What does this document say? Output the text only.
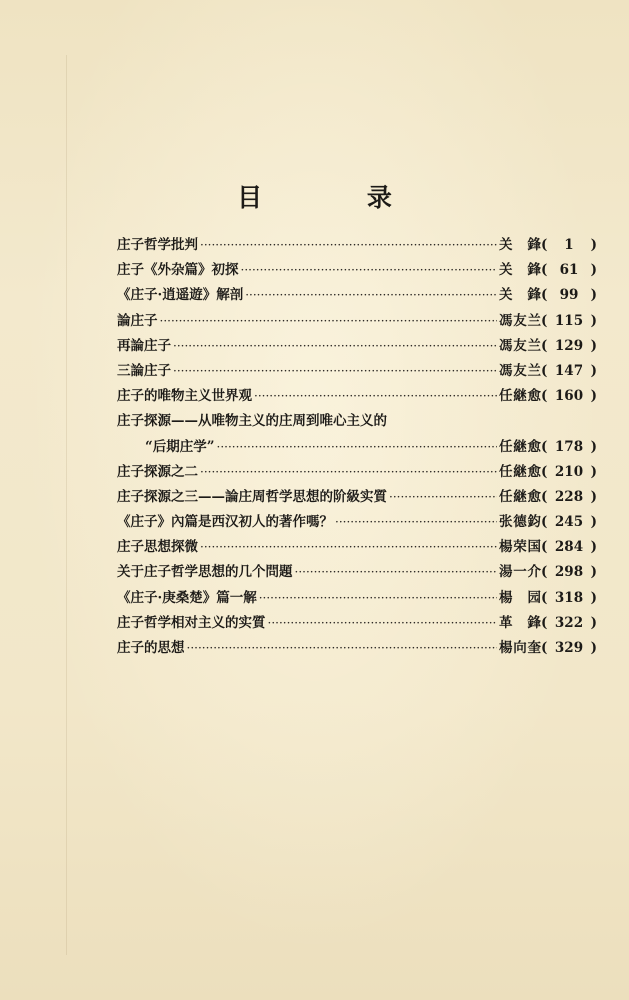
目 录
庄子哲学批判 ·····	关 鋒 (	1	)
庄子《外杂篇》初探 ·····	关 鋒 ( 61 )
《庄子·逍遥遊》解剖 ·····	关 鋒 ( 99 )
論庄子 ·····	馮友兰 ( 115 )
再論庄子 ·····	馮友兰 ( 129 )
三論庄子 ·····	馮友兰 ( 147 )
庄子的唯物主义世界观 ·····	任継愈 ( 160 )
庄子探源——从唯物主义的庄周到唯心主义的
“后期庄学” ·····	任継愈 ( 178 )
庄子探源之二 ·····	任継愈 ( 210 )
庄子探源之三——論庄周哲学思想的阶級实質 ·····	任継愈 ( 228 )
《庄子》內篇是西汉初人的著作嗎？ ·····	张德鈞 ( 245 )
庄子思想探微 ·····	楊荣国 ( 284 )
关于庄子哲学思想的几个問題 ·····	湯一介 ( 298 )
《庄子·庚桑楚》篇一解 ·····	楊 园 ( 318 )
庄子哲学相对主义的实質 ·····	革 鋒 ( 322 )
庄子的思想 ·····	楊向奎 ( 329 )
